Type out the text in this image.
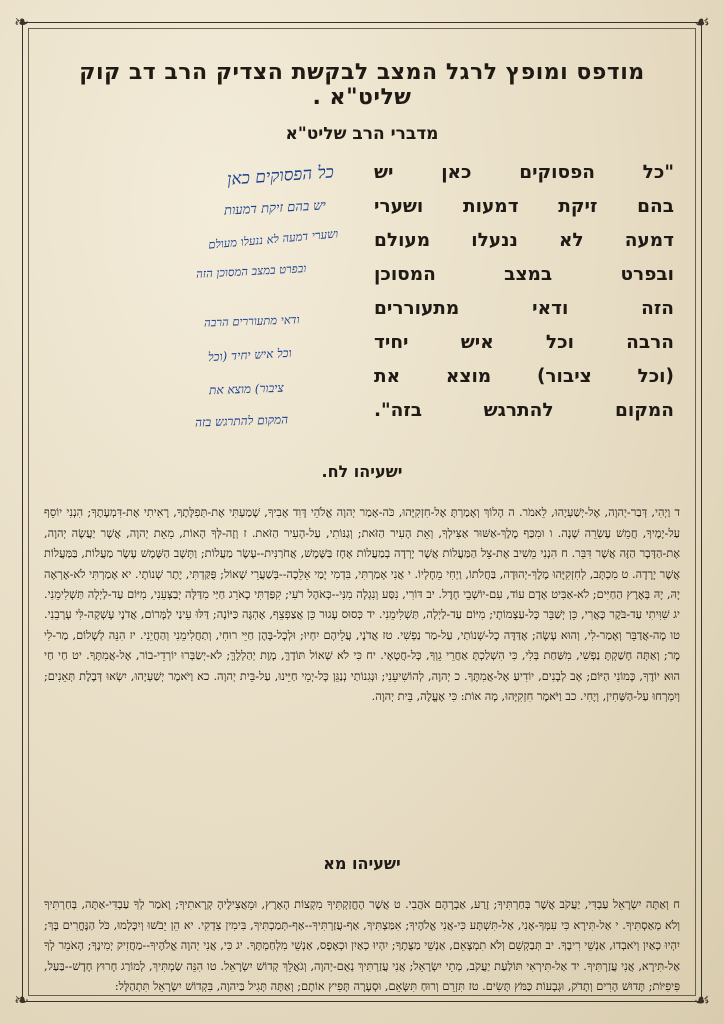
❧	☙
❧	☙
מודפס ומופץ לרגל המצב לבקשת הצדיק הרב דב קוק שליט"א .
מדברי הרב שליט"א
"כל הפסוקים כאן יש
בהם זיקת דמעות ושערי
דמעה לא ננעלו מעולם
ובפרט במצב המסוכן
הזה ודאי מתעוררים
הרבה וכל איש יחיד
(וכל ציבור) מוצא את
המקום להתרגש בזה".
כל הפסוקים כאן
יש בהם זיקת דמעות
ושערי דמעה לא ננעלו מעולם
ובפרט במצב המסוכן הזה
ודאי מתעוררים הרבה
וכל איש יחיד (וכל
ציבור) מוצא את
המקום להתרגש בזה
ישעיהו לח.

ד וַיְהִי, דְּבַר-יְהוָה, אֶל-יְשַׁעְיָהוּ, לֵאמֹר. ה הָלוֹךְ וְאָמַרְתָּ אֶל-חִזְקִיָּהוּ, כֹּה-אָמַר יְהוָה אֱלֹהֵי דָּוִד אָבִיךָ, שָׁמַעְתִּי אֶת-תְּפִלָּתֶךָ, רָאִיתִי אֶת-דִּמְעָתֶךָ; הִנְנִי יוֹסֵף עַל-יָמֶיךָ, חֲמֵשׁ עֶשְׂרֵה שָׁנָה. ו וּמִכַּף מֶלֶךְ-אַשּׁוּר אַצִּילְךָ, וְאֵת הָעִיר הַזֹּאת; וְגַנּוֹתִי, עַל-הָעִיר הַזֹּאת. ז וְזֶה-לְּךָ הָאוֹת, מֵאֵת יְהוָה, אֲשֶׁר יַעֲשֶׂה יְהוָה, אֶת-הַדָּבָר הַזֶּה אֲשֶׁר דִּבֵּר. ח הִנְנִי מֵשִׁיב אֶת-צֵל הַמַּעֲלוֹת אֲשֶׁר יָרְדָה בְמַעֲלוֹת אָחָז בַּשֶּׁמֶשׁ, אֲחֹרַנִּית--עֶשֶׂר מַעֲלוֹת; וַתָּשָׁב הַשֶּׁמֶשׁ עֶשֶׂר מַעֲלוֹת, בַּמַּעֲלוֹת אֲשֶׁר יָרָדָה. ט מִכְתָּב, לְחִזְקִיָּהוּ מֶלֶךְ-יְהוּדָה, בַּחֲלֹתוֹ, וַיְחִי מֵחָלְיוֹ. י אֲנִי אָמַרְתִּי, בִּדְמִי יָמַי אֵלֵכָה--בְּשַׁעֲרֵי שְׁאוֹל; פֻּקַּדְתִּי, יֶתֶר שְׁנוֹתָי. יא אָמַרְתִּי לֹא-אֶרְאֶה יָהּ, יָהּ בְּאֶרֶץ הַחַיִּים; לֹא-אַבִּיט אָדָם עוֹד, עִם-יוֹשְׁבֵי חָדֶל. יב דּוֹרִי, נִסַּע וְנִגְלָה מִנִּי--כְּאֹהֶל רֹעִי; קִפַּדְתִּי כָאֹרֵג חַיַּי מִדַּלָּה יְבַצְּעֵנִי, מִיּוֹם עַד-לַיְלָה תַּשְׁלִימֵנִי. יג שִׁוִּיתִי עַד-בֹּקֶר כָּאֲרִי, כֵּן יְשַׁבֵּר כָּל-עַצְמוֹתָי; מִיּוֹם עַד-לַיְלָה, תַּשְׁלִימֵנִי. יד כְּסוּס עָגוּר כֵּן אֲצַפְצֵף, אֶהְגֶּה כַּיּוֹנָה; דַּלּוּ עֵינַי לַמָּרוֹם, אֲדֹנָי עָשְׁקָה-לִּי עָרְבֵנִי. טו מָה-אֲדַבֵּר וְאָמַר-לִי, וְהוּא עָשָׂה; אֶדַּדֶּה כָל-שְׁנוֹתַי, עַל-מַר נַפְשִׁי. טז אֲדֹנָי, עֲלֵיהֶם יִחְיוּ; וּלְכָל-בָּהֶן חַיֵּי רוּחִי, וְתַחֲלִימֵנִי וְהַחֲיֵנִי. יז הִנֵּה לְשָׁלוֹם, מַר-לִי מָר; וְאַתָּה חָשַׁקְתָּ נַפְשִׁי, מִשַּׁחַת בְּלִי, כִּי הִשְׁלַכְתָּ אַחֲרֵי גֵוְךָ, כָּל-חֲטָאָי. יח כִּי לֹא שְׁאוֹל תּוֹדֶךָּ, מָוֶת יְהַלְלֶךָּ; לֹא-יְשַׂבְּרוּ יוֹרְדֵי-בוֹר, אֶל-אֲמִתֶּךָ. יט חַי חַי הוּא יוֹדֶךָ, כָּמוֹנִי הַיּוֹם; אָב לְבָנִים, יוֹדִיעַ אֶל-אֲמִתֶּךָ. כ יְהוָה, לְהוֹשִׁיעֵנִי; וּנְגִנוֹתַי נְנַגֵּן כָּל-יְמֵי חַיֵּינוּ, עַל-בֵּית יְהוָה. כא וַיֹּאמֶר יְשַׁעְיָהוּ, יִשְׂאוּ דְּבֶלֶת תְּאֵנִים; וְיִמְרְחוּ עַל-הַשְּׁחִין, וְיֶחִי. כב וַיֹּאמֶר חִזְקִיָּהוּ, מָה אוֹת: כִּי אֶעֱלֶה, בֵּית יְהוָה.

ישעיהו מא

ח וְאַתָּה יִשְׂרָאֵל עַבְדִּי, יַעֲקֹב אֲשֶׁר בְּחַרְתִּיךָ; זֶרַע, אַבְרָהָם אֹהֲבִי. ט אֲשֶׁר הֶחֱזַקְתִּיךָ מִקְצוֹת הָאָרֶץ, וּמֵאֲצִילֶיהָ קְרָאתִיךָ; וָאֹמַר לְךָ עַבְדִּי-אַתָּה, בְּחַרְתִּיךָ וְלֹא מְאַסְתִּיךָ. י אַל-תִּירָא כִּי עִמְּךָ-אָנִי, אַל-תִּשְׁתָּע כִּי-אֲנִי אֱלֹהֶיךָ; אִמַּצְתִּיךָ, אַף-עֲזַרְתִּיךָ--אַף-תְּמַכְתִּיךָ, בִּימִין צִדְקִי. יא הֵן יֵבֹשׁוּ וְיִכָּלְמוּ, כֹּל הַנֶּחֱרִים בָּךְ; יִהְיוּ כְאַיִן וְיֹאבְדוּ, אַנְשֵׁי רִיבֶךָ. יב תְּבַקְשֵׁם וְלֹא תִמְצָאֵם, אַנְשֵׁי מַצֻּתֶךָ; יִהְיוּ כְאַיִן וּכְאֶפֶס, אַנְשֵׁי מִלְחַמְתֶּךָ. יג כִּי, אֲנִי יְהוָה אֱלֹהֶיךָ--מַחֲזִיק יְמִינֶךָ; הָאֹמֵר לְךָ אַל-תִּירָא, אֲנִי עֲזַרְתִּיךָ. יד אַל-תִּירְאִי תּוֹלַעַת יַעֲקֹב, מְתֵי יִשְׂרָאֵל; אֲנִי עֲזַרְתִּיךְ נְאֻם-יְהוָה, וְגֹאֲלֵךְ קְדוֹשׁ יִשְׂרָאֵל. טו הִנֵּה שַׂמְתִּיךְ, לְמוֹרַג חָרוּץ חָדָשׁ--בַּעַל, פִּיפִיּוֹת; תָּדוּשׁ הָרִים וְתָדֹק, וּגְבָעוֹת כַּמֹּץ תָּשִׂים. טז תִּזְרֵם וְרוּחַ תִּשָּׂאֵם, וּסְעָרָה תָּפִיץ אוֹתָם; וְאַתָּה תָּגִיל בַּיהוָה, בִּקְדוֹשׁ יִשְׂרָאֵל תִּתְהַלָּל:
